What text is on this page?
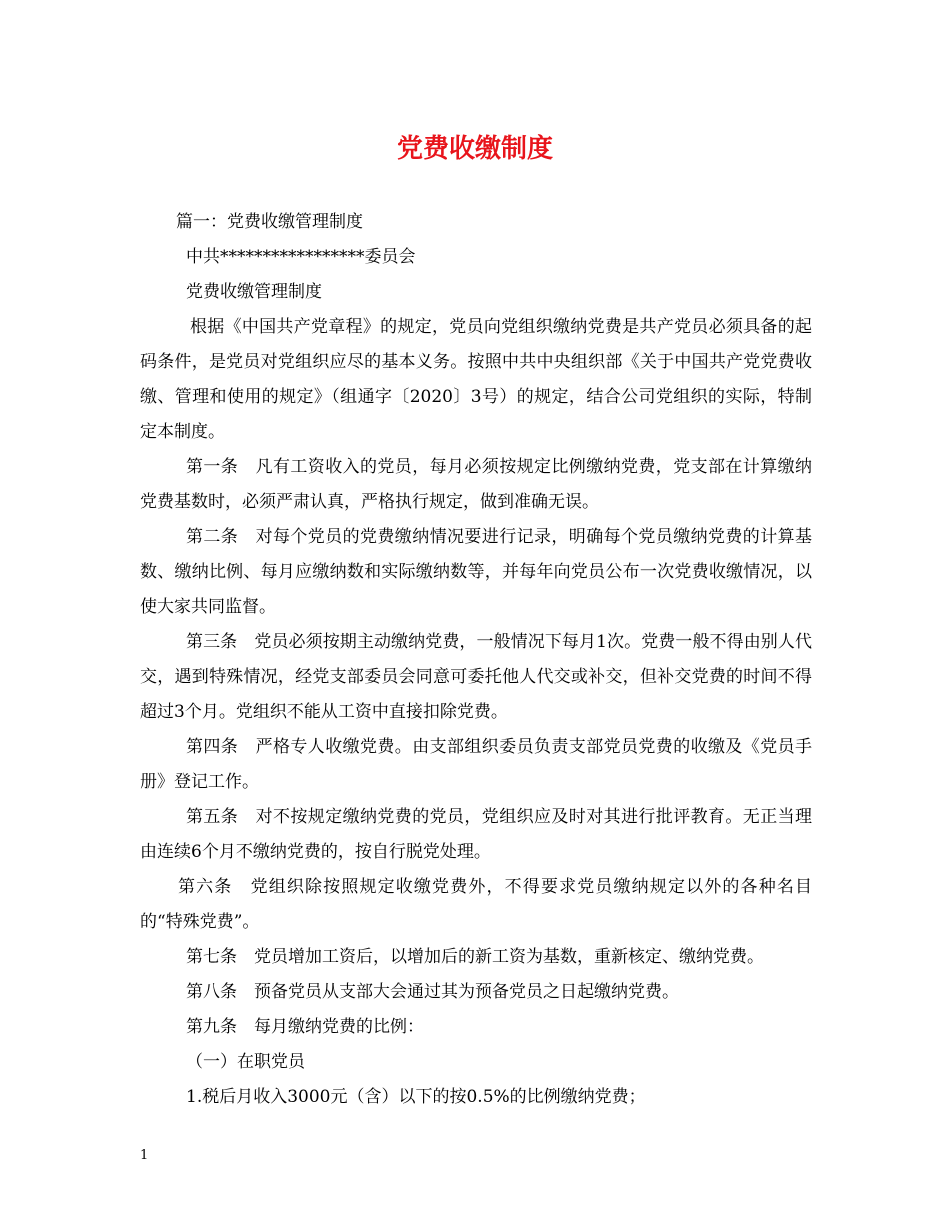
党费收缴制度

篇一：党费收缴管理制度

中共*****************委员会

党费收缴管理制度

根据《中国共产党章程》的规定，党员向党组织缴纳党费是共产党员必须具备的起码条件，是党员对党组织应尽的基本义务。按照中共中央组织部《关于中国共产党党费收缴、管理和使用的规定》（组通字〔2020〕3号）的规定，结合公司党组织的实际，特制定本制度。

第一条　凡有工资收入的党员，每月必须按规定比例缴纳党费，党支部在计算缴纳党费基数时，必须严肃认真，严格执行规定，做到准确无误。

第二条　对每个党员的党费缴纳情况要进行记录，明确每个党员缴纳党费的计算基数、缴纳比例、每月应缴纳数和实际缴纳数等，并每年向党员公布一次党费收缴情况，以使大家共同监督。

第三条　党员必须按期主动缴纳党费，一般情况下每月1次。党费一般不得由别人代交，遇到特殊情况，经党支部委员会同意可委托他人代交或补交，但补交党费的时间不得超过3个月。党组织不能从工资中直接扣除党费。

第四条　严格专人收缴党费。由支部组织委员负责支部党员党费的收缴及《党员手册》登记工作。

第五条　对不按规定缴纳党费的党员，党组织应及时对其进行批评教育。无正当理由连续6个月不缴纳党费的，按自行脱党处理。

第六条　党组织除按照规定收缴党费外，不得要求党员缴纳规定以外的各种名目的“特殊党费”。

第七条　党员增加工资后，以增加后的新工资为基数，重新核定、缴纳党费。

第八条　预备党员从支部大会通过其为预备党员之日起缴纳党费。

第九条　每月缴纳党费的比例：

（一）在职党员

1.税后月收入3000元（含）以下的按0.5%的比例缴纳党费；

1
